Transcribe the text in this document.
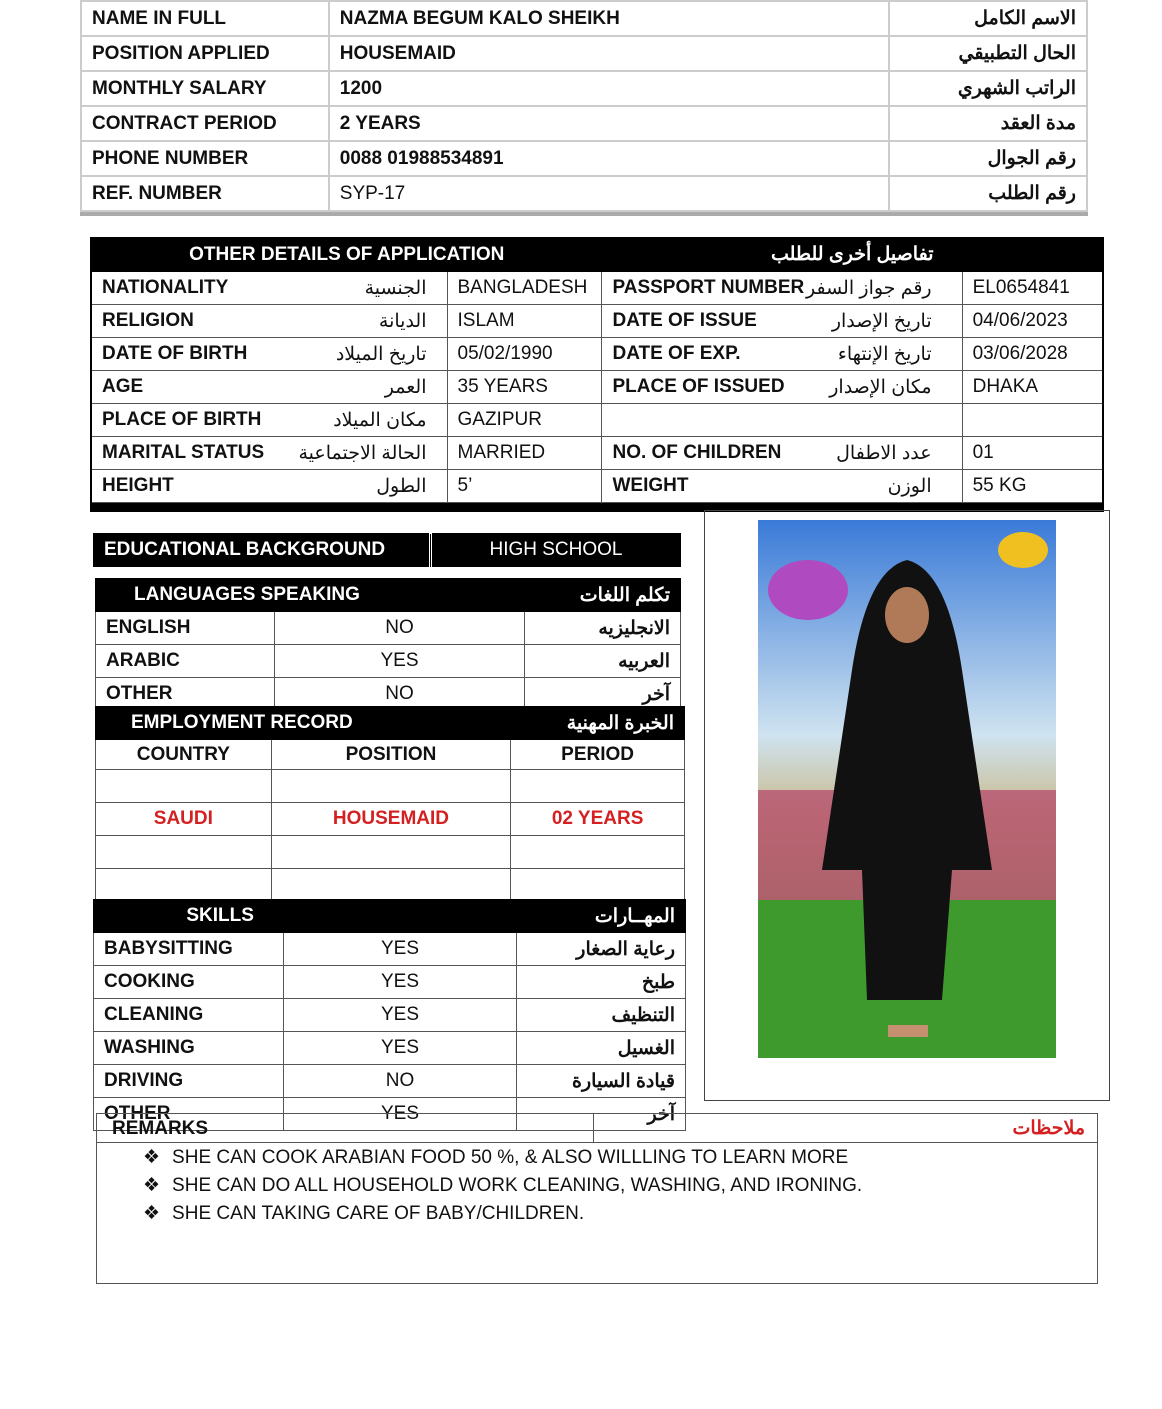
NAME IN FULL	NAZMA BEGUM KALO SHEIKH	الاسم الكامل
POSITION APPLIED	HOUSEMAID	الحال التطبيقي
MONTHLY SALARY	1200	الراتب الشهري
CONTRACT PERIOD	2 YEARS	مدة العقد
PHONE NUMBER	0088 01988534891	رقم الجوال
REF. NUMBER	SYP-17	رقم الطلب
OTHER DETAILS OF APPLICATION		تفاصيل أخرى للطلب	
NATIONALITY الجنسية	BANGLADESH	PASSPORT NUMBER رقم جواز السفر	EL0654841
RELIGION الديانة	ISLAM	DATE OF ISSUE تاريخ الإصدار	04/06/2023
DATE OF BIRTH تاريخ الميلاد	05/02/1990	DATE OF EXP. تاريخ الإنتهاء	03/06/2028
AGE العمر	35 YEARS	PLACE OF ISSUED مكان الإصدار	DHAKA
PLACE OF BIRTH مكان الميلاد	GAZIPUR	

MARITAL STATUS الحالة الاجتماعية	MARRIED	NO. OF CHILDREN عدد الاطفال	01
HEIGHT الطول	5’	WEIGHT الوزن	55 KG

EDUCATIONAL BACKGROUND	HIGH SCHOOL
LANGUAGES SPEAKING		تكلم اللغات
ENGLISH	NO	الانجليزيه
ARABIC	YES	العربيه
OTHER	NO	آخر
EMPLOYMENT RECORD		الخبرة المهنية
COUNTRY	POSITION	PERIOD

SAUDI	HOUSEMAID	02 YEARS

SKILLS		المهــارات
BABYSITTING	YES	رعاية الصغار
COOKING	YES	طبخ
CLEANING	YES	التنظيف
WASHING	YES	الغسيل
DRIVING	NO	قيادة السيارة
OTHER	YES	آخر
REMARKS	ملاحظات
❖ SHE CAN COOK ARABIAN FOOD 50 %, & ALSO WILLLING TO LEARN MORE
❖ SHE CAN DO ALL HOUSEHOLD WORK CLEANING, WASHING, AND IRONING.
❖ SHE CAN TAKING CARE OF BABY/CHILDREN.
